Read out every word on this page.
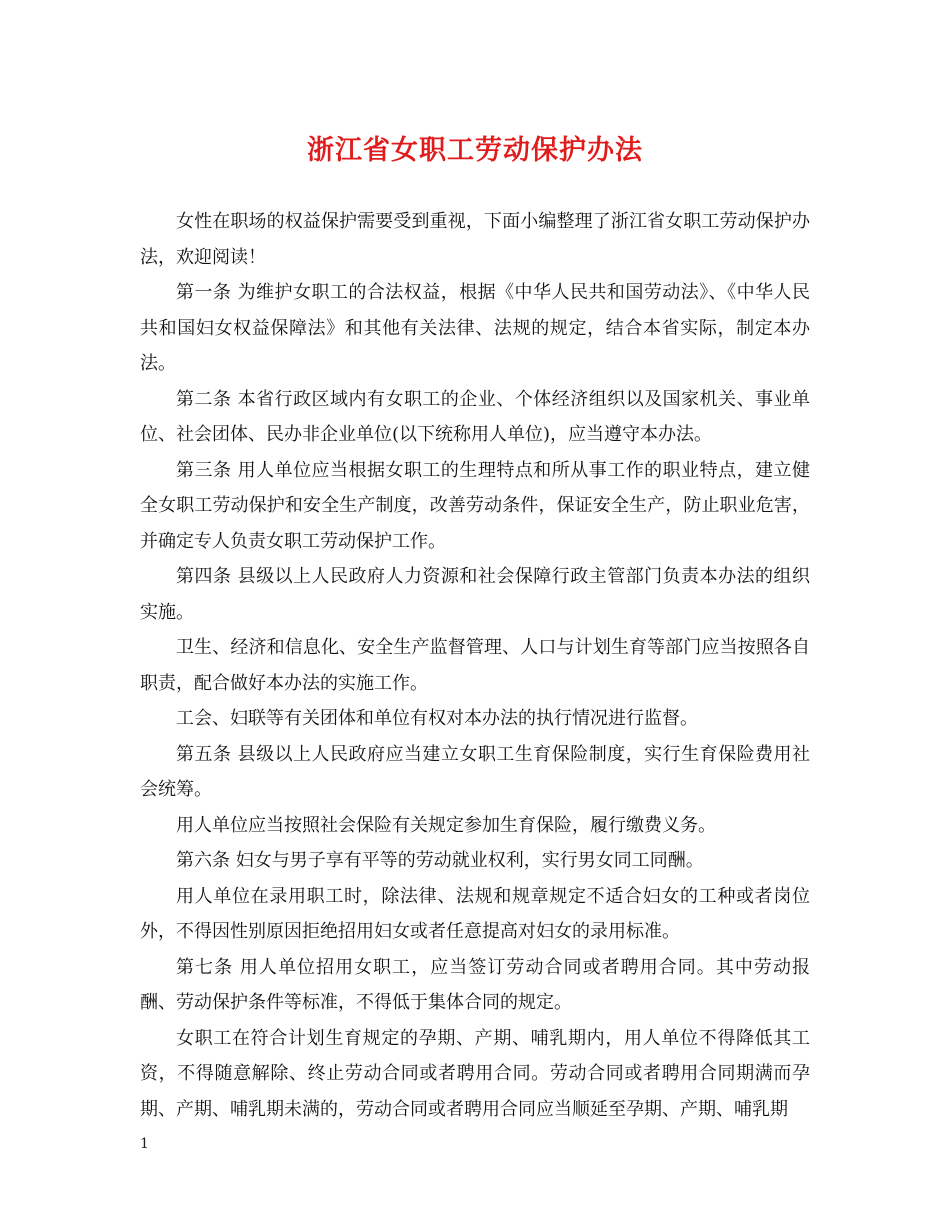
浙江省女职工劳动保护办法

女性在职场的权益保护需要受到重视，下面小编整理了浙江省女职工劳动保护办法，欢迎阅读！

第一条 为维护女职工的合法权益，根据《中华人民共和国劳动法》、《中华人民共和国妇女权益保障法》和其他有关法律、法规的规定，结合本省实际，制定本办法。

第二条 本省行政区域内有女职工的企业、个体经济组织以及国家机关、事业单位、社会团体、民办非企业单位(以下统称用人单位)，应当遵守本办法。

第三条 用人单位应当根据女职工的生理特点和所从事工作的职业特点，建立健全女职工劳动保护和安全生产制度，改善劳动条件，保证安全生产，防止职业危害，并确定专人负责女职工劳动保护工作。

第四条 县级以上人民政府人力资源和社会保障行政主管部门负责本办法的组织实施。

卫生、经济和信息化、安全生产监督管理、人口与计划生育等部门应当按照各自职责，配合做好本办法的实施工作。

工会、妇联等有关团体和单位有权对本办法的执行情况进行监督。

第五条 县级以上人民政府应当建立女职工生育保险制度，实行生育保险费用社会统筹。

用人单位应当按照社会保险有关规定参加生育保险，履行缴费义务。

第六条 妇女与男子享有平等的劳动就业权利，实行男女同工同酬。

用人单位在录用职工时，除法律、法规和规章规定不适合妇女的工种或者岗位外，不得因性别原因拒绝招用妇女或者任意提高对妇女的录用标准。

第七条 用人单位招用女职工，应当签订劳动合同或者聘用合同。其中劳动报酬、劳动保护条件等标准，不得低于集体合同的规定。

女职工在符合计划生育规定的孕期、产期、哺乳期内，用人单位不得降低其工资，不得随意解除、终止劳动合同或者聘用合同。劳动合同或者聘用合同期满而孕期、产期、哺乳期未满的，劳动合同或者聘用合同应当顺延至孕期、产期、哺乳期

1
